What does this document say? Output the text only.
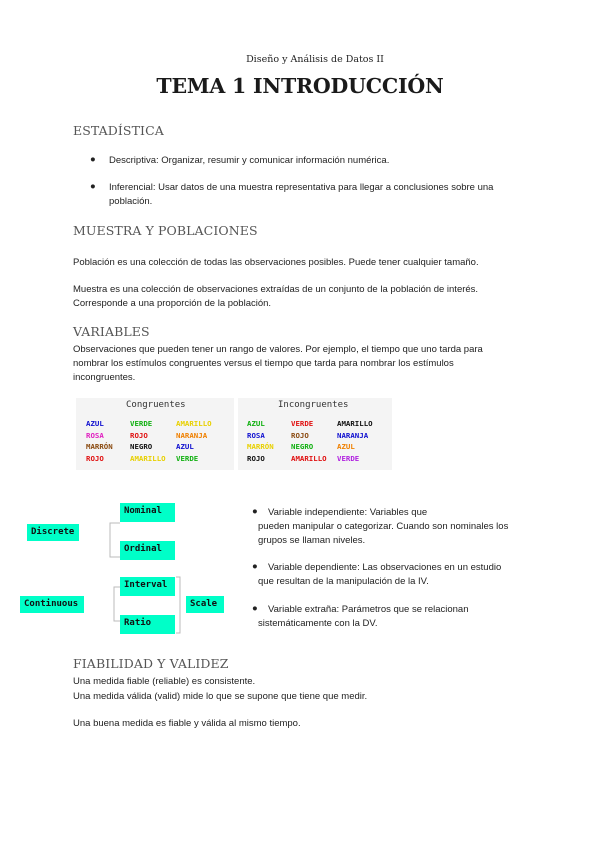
Diseño y Análisis de Datos II
TEMA 1 INTRODUCCIÓN
ESTADÍSTICA
● Descriptiva: Organizar, resumir y comunicar información numérica.
● Inferencial: Usar datos de una muestra representativa para llegar a conclusiones sobre una
población.
MUESTRA Y POBLACIONES
Población es una colección de todas las observaciones posibles. Puede tener cualquier tamaño.
Muestra es una colección de observaciones extraídas de un conjunto de la población de interés.
Corresponde a una proporción de la población.
VARIABLES
Observaciones que pueden tener un rango de valores. Por ejemplo, el tiempo que uno tarda para
nombrar los estímulos congruentes versus el tiempo que tarda para nombrar los estímulos
incongruentes.
Congruentes
AZUL	VERDE	AMARILLO
ROSA	ROJO	NARANJA
MARRÓN	NEGRO	AZUL
ROJO	AMARILLO	VERDE
Incongruentes
AZUL	VERDE	AMARILLO
ROSA	ROJO	NARANJA
MARRÓN	NEGRO	AZUL
ROJO	AMARILLO	VERDE
Discrete
Nominal
Ordinal
Continuous
Interval
Ratio
Scale
● Variable independiente: Variables que
pueden manipular o categorizar. Cuando son nominales los
grupos se llaman niveles.
● Variable dependiente: Las observaciones en un estudio
que resultan de la manipulación de la IV.
● Variable extraña: Parámetros que se relacionan
sistemáticamente con la DV.
FIABILIDAD Y VALIDEZ
Una medida fiable (reliable) es consistente.
Una medida válida (valid) mide lo que se supone que tiene que medir.
Una buena medida es fiable y válida al mismo tiempo.
